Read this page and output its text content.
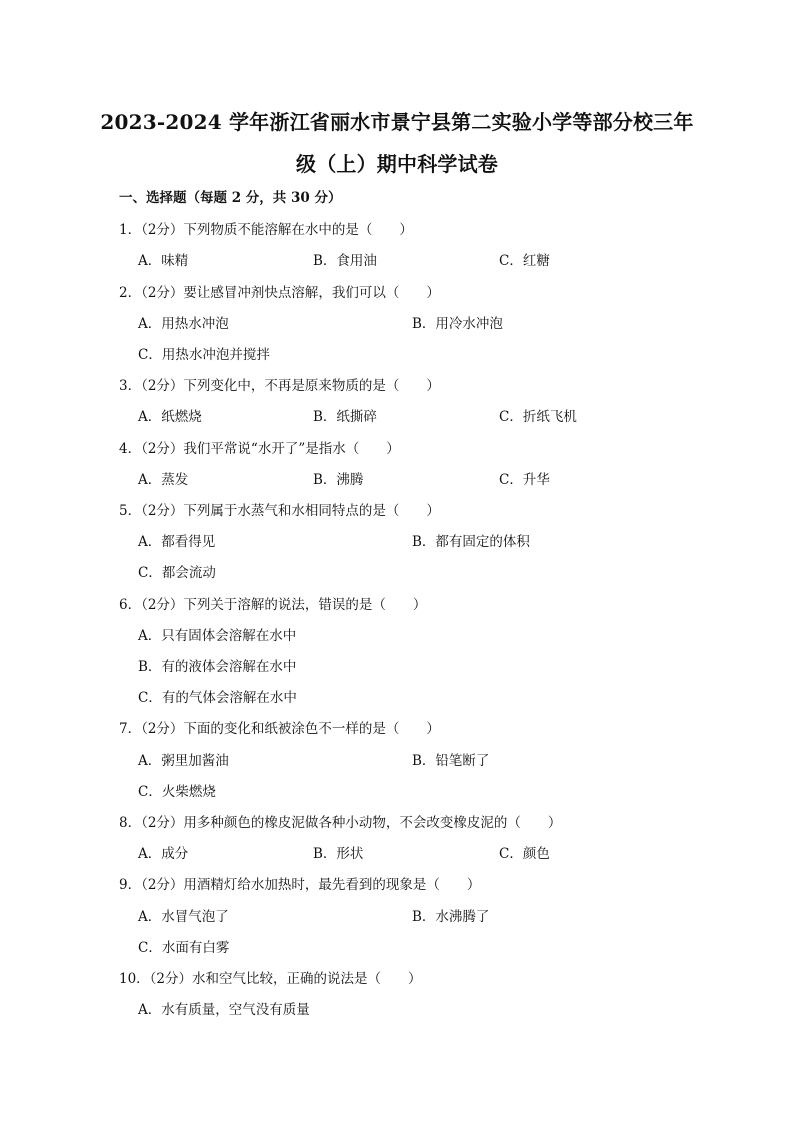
2023-2024 学年浙江省丽水市景宁县第二实验小学等部分校三年
级（上）期中科学试卷
一、选择题（每题 2 分，共 30 分）
1．（2分）下列物质不能溶解在水中的是（　　）
A．味精	B．食用油	C．红糖
2．（2分）要让感冒冲剂快点溶解，我们可以（　　）
A．用热水冲泡	B．用冷水冲泡
C．用热水冲泡并搅拌
3．（2分）下列变化中，不再是原来物质的是（　　）
A．纸燃烧	B．纸撕碎	C．折纸飞机
4．（2分）我们平常说“水开了”是指水（　　）
A．蒸发	B．沸腾	C．升华
5．（2分）下列属于水蒸气和水相同特点的是（　　）
A．都看得见	B．都有固定的体积
C．都会流动
6．（2分）下列关于溶解的说法，错误的是（　　）
A．只有固体会溶解在水中
B．有的液体会溶解在水中
C．有的气体会溶解在水中
7．（2分）下面的变化和纸被涂色不一样的是（　　）
A．粥里加酱油	B．铅笔断了
C．火柴燃烧
8．（2分）用多种颜色的橡皮泥做各种小动物，不会改变橡皮泥的（　　）
A．成分	B．形状	C．颜色
9．（2分）用酒精灯给水加热时，最先看到的现象是（　　）
A．水冒气泡了	B．水沸腾了
C．水面有白雾
10．（2分）水和空气比较，正确的说法是（　　）
A．水有质量，空气没有质量
